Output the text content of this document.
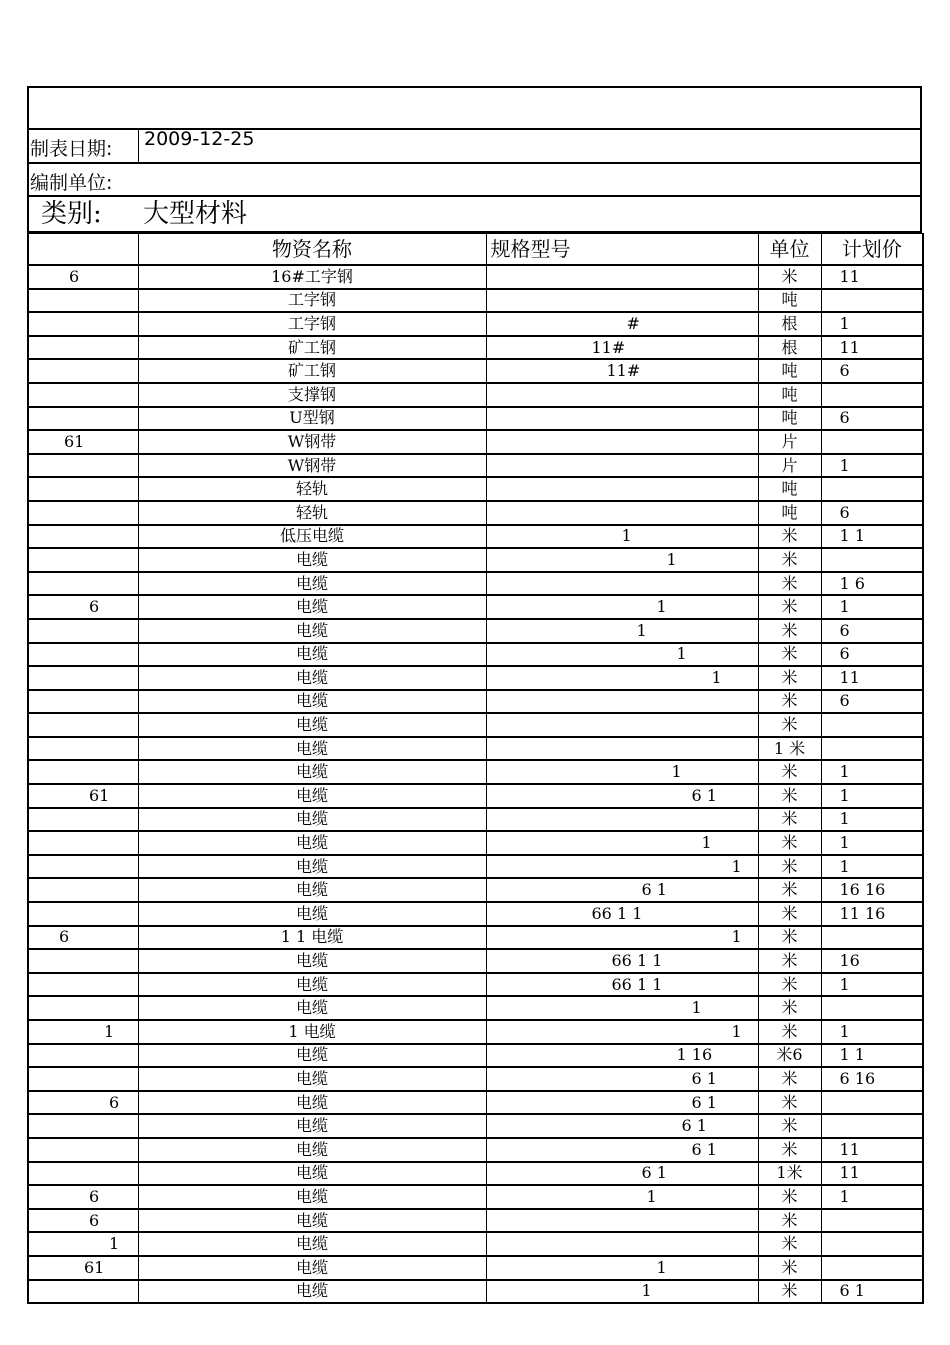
制表日期: 2009-12-25
编制单位:
类别: 大型材料
	物资名称	规格型号	单位	计划价
6	16#工字钢		米	11
	工字钢		吨	
	工字钢	#	根	1
	矿工钢	11#	根	11
	矿工钢	11#	吨	6
	支撑钢		吨	
	U型钢		吨	6
61	W钢带		片	
	W钢带		片	1
	轻轨		吨	
	轻轨		吨	6
	低压电缆	1	米	1 1
	电缆	1	米	
	电缆		米	1 6
6	电缆	1	米	1
	电缆	1	米	6
	电缆	1	米	6
	电缆	1	米	11
	电缆		米	6
	电缆		米	
	电缆		1 米	
	电缆	1	米	1
61	电缆	6 1	米	1
	电缆		米	1
	电缆	1	米	1
	电缆	1	米	1
	电缆	6 1	米	16 16
	电缆	66 1 1	米	11 16
6	1 1 电缆	1	米	
	电缆	66 1 1	米	16
	电缆	66 1 1	米	1
	电缆	1	米	
1	1 电缆	1	米	1
	电缆	1 16	米6	1 1
	电缆	6 1	米	6 16
6	电缆	6 1	米	
	电缆	6 1	米	
	电缆	6 1	米	11
	电缆	6 1	1米	11
6	电缆	1	米	1
6	电缆		米	
1	电缆		米	
61	电缆	1	米	
	电缆	1	米	6 1
